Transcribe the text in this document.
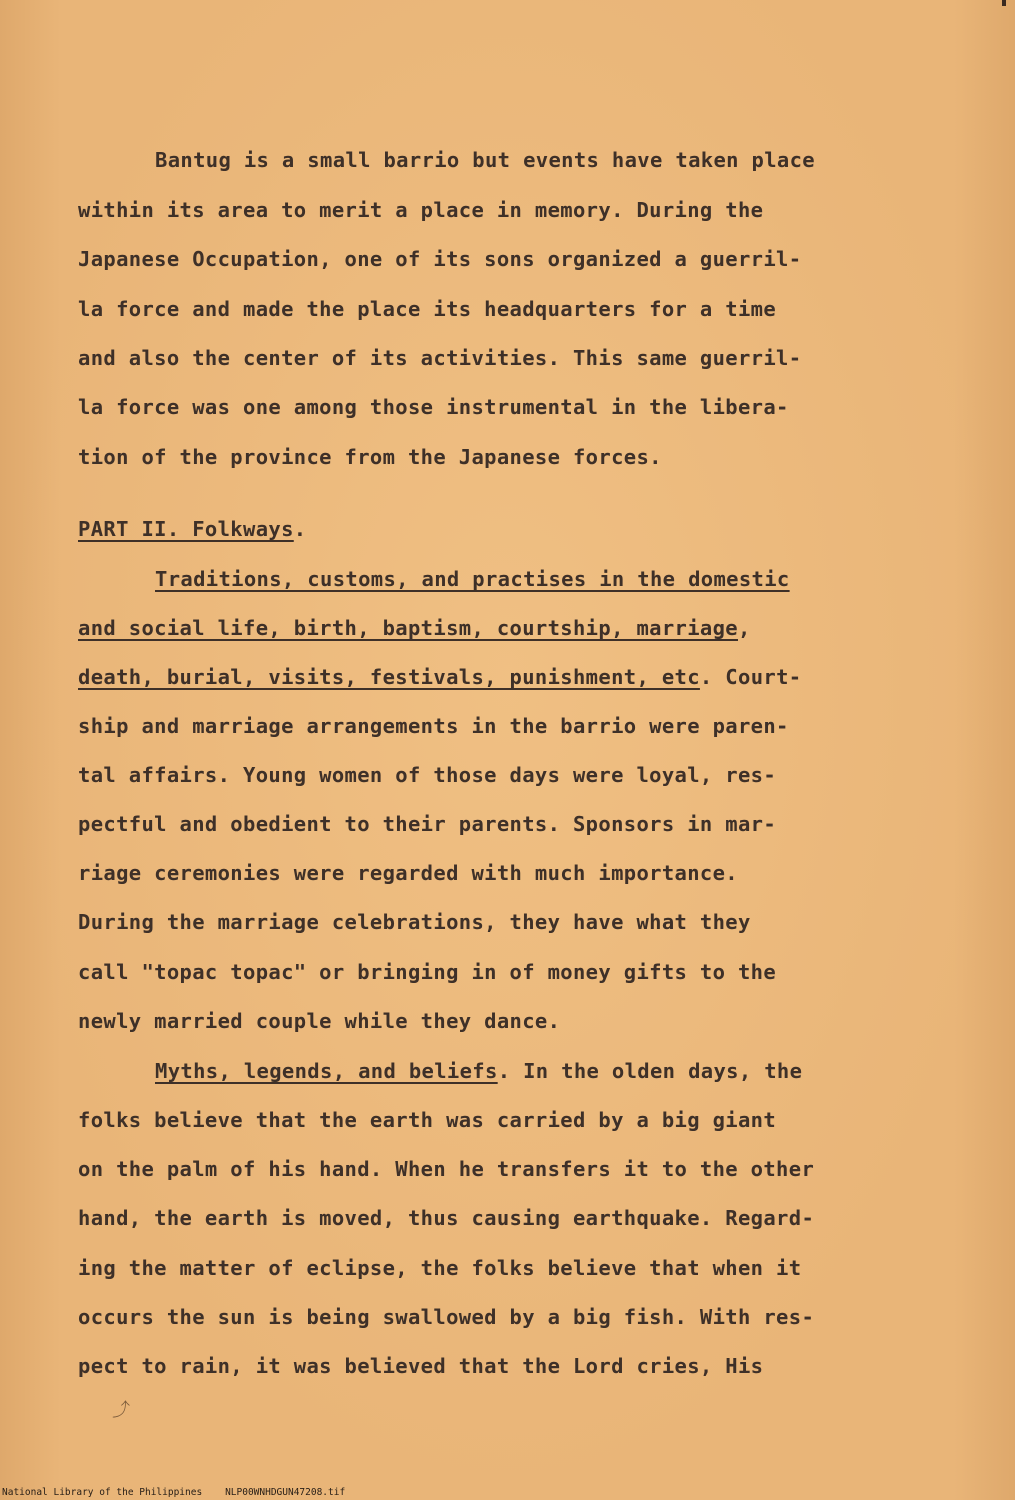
Bantug is a small barrio but events have taken place
within its area to merit a place in memory. During the
Japanese Occupation, one of its sons organized a guerril-
la force and made the place its headquarters for a time
and also the center of its activities. This same guerril-
la force was one among those instrumental in the libera-
tion of the province from the Japanese forces.
PART II. Folkways.
Traditions, customs, and practises in the domestic
and social life, birth, baptism, courtship, marriage,
death, burial, visits, festivals, punishment, etc. Court-
ship and marriage arrangements in the barrio were paren-
tal affairs. Young women of those days were loyal, res-
pectful and obedient to their parents. Sponsors in mar-
riage ceremonies were regarded with much importance.
During the marriage celebrations, they have what they
call "topac topac" or bringing in of money gifts to the
newly married couple while they dance.
Myths, legends, and beliefs. In the olden days, the
folks believe that the earth was carried by a big giant
on the palm of his hand. When he transfers it to the other
hand, the earth is moved, thus causing earthquake. Regard-
ing the matter of eclipse, the folks believe that when it
occurs the sun is being swallowed by a big fish. With res-
pect to rain, it was believed that the Lord cries, His
⤴
National Library of the Philippines NLP00WNHDGUN47208.tif
